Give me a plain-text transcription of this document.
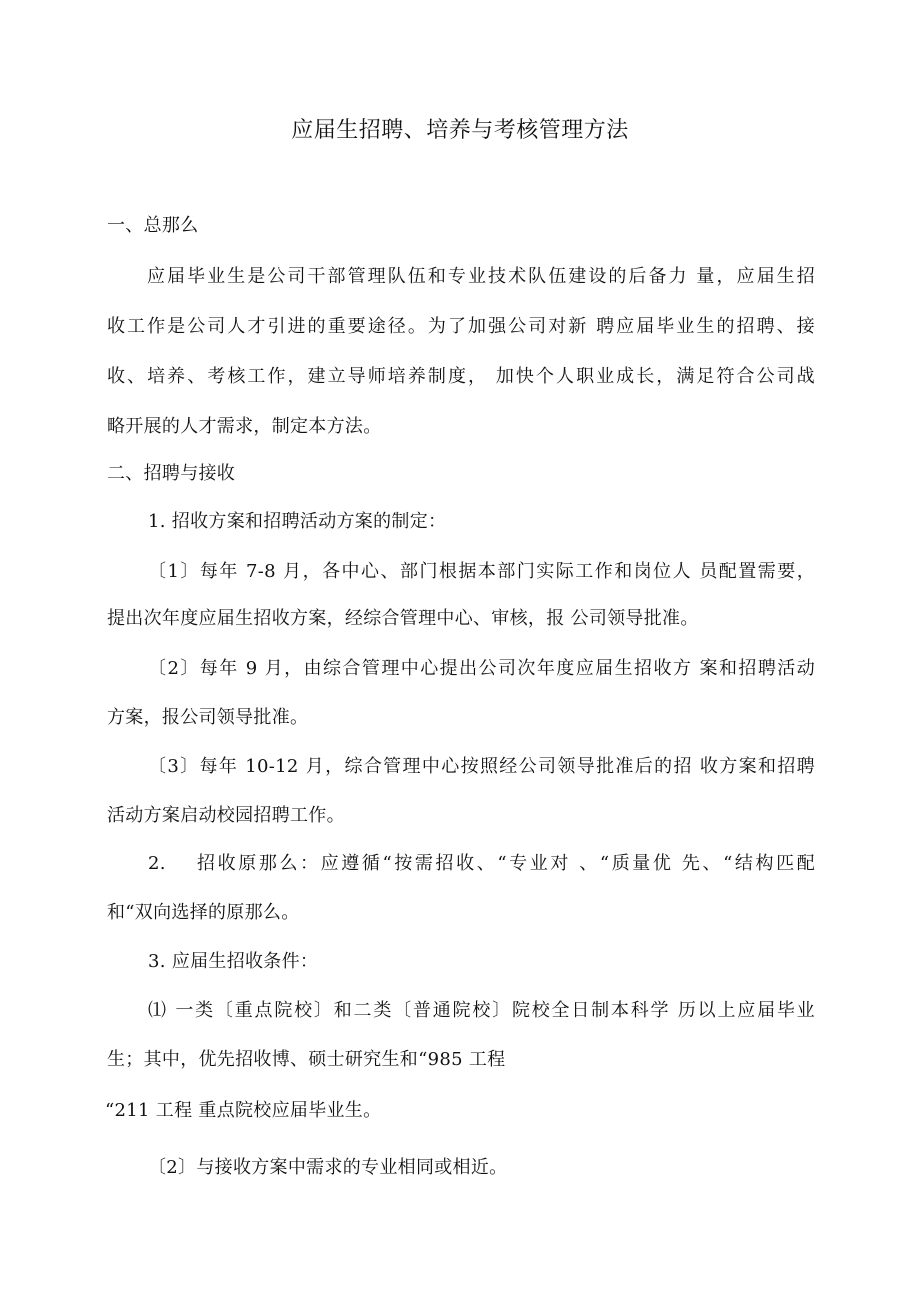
应届生招聘、培养与考核管理方法
一、总那么
应届毕业生是公司干部管理队伍和专业技术队伍建设的后备力 量，应届生招
收工作是公司人才引进的重要途径。为了加强公司对新 聘应届毕业生的招聘、接
收、培养、考核工作，建立导师培养制度， 加快个人职业成长，满足符合公司战
略开展的人才需求，制定本方法。
二、招聘与接收
1. 招收方案和招聘活动方案的制定：
〔1〕每年 7-8 月，各中心、部门根据本部门实际工作和岗位人 员配置需要，
提出次年度应届生招收方案，经综合管理中心、审核，报 公司领导批准。
〔2〕每年 9 月，由综合管理中心提出公司次年度应届生招收方 案和招聘活动
方案，报公司领导批准。
〔3〕每年 10-12 月，综合管理中心按照经公司领导批准后的招 收方案和招聘
活动方案启动校园招聘工作。
2.　 招收原那么：应遵循“按需招收、“专业对 、“质量优 先、“结构匹配
和“双向选择的原那么。
3. 应届生招收条件：
⑴ 一类〔重点院校〕和二类〔普通院校〕院校全日制本科学 历以上应届毕业
生；其中，优先招收博、硕士研究生和“985 工程
“211 工程 重点院校应届毕业生。
〔2〕与接收方案中需求的专业相同或相近。
